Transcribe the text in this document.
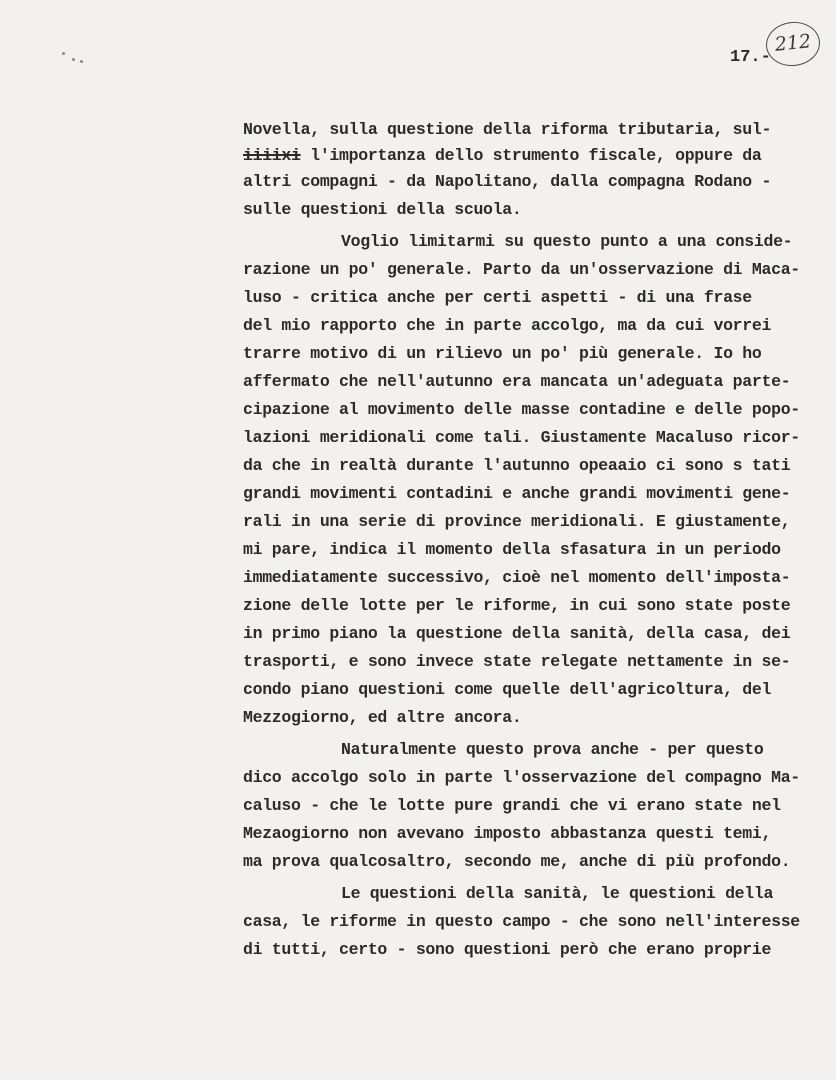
212
17.-
Novella, sulla questione della riforma tributaria, sul-
iiiixi l'importanza dello strumento fiscale, oppure da
altri compagni - da Napolitano, dalla compagna Rodano -
sulle questioni della scuola.
Voglio limitarmi su questo punto a una conside-
razione un po' generale. Parto da un'osservazione di Maca-
luso - critica anche per certi aspetti - di una frase
del mio rapporto che in parte accolgo, ma da cui vorrei
trarre motivo di un rilievo un po' più generale. Io ho
affermato che nell'autunno era mancata un'adeguata parte-
cipazione al movimento delle masse contadine e delle popo-
lazioni meridionali come tali. Giustamente Macaluso ricor-
da che in realtà durante l'autunno opeaaio ci sono s tati
grandi movimenti contadini e anche grandi movimenti gene-
rali in una serie di province meridionali. E giustamente,
mi pare, indica il momento della sfasatura in un periodo
immediatamente successivo, cioè nel momento dell'imposta-
zione delle lotte per le riforme, in cui sono state poste
in primo piano la questione della sanità, della casa, dei
trasporti, e sono invece state relegate nettamente in se-
condo piano questioni come quelle dell'agricoltura, del
Mezzogiorno, ed altre ancora.
Naturalmente questo prova anche - per questo
dico accolgo solo in parte l'osservazione del compagno Ma-
caluso - che le lotte pure grandi che vi erano state nel
Mezaogiorno non avevano imposto abbastanza questi temi,
ma prova qualcosaltro, secondo me, anche di più profondo.
Le questioni della sanità, le questioni della
casa, le riforme in questo campo - che sono nell'interesse
di tutti, certo - sono questioni però che erano proprie
